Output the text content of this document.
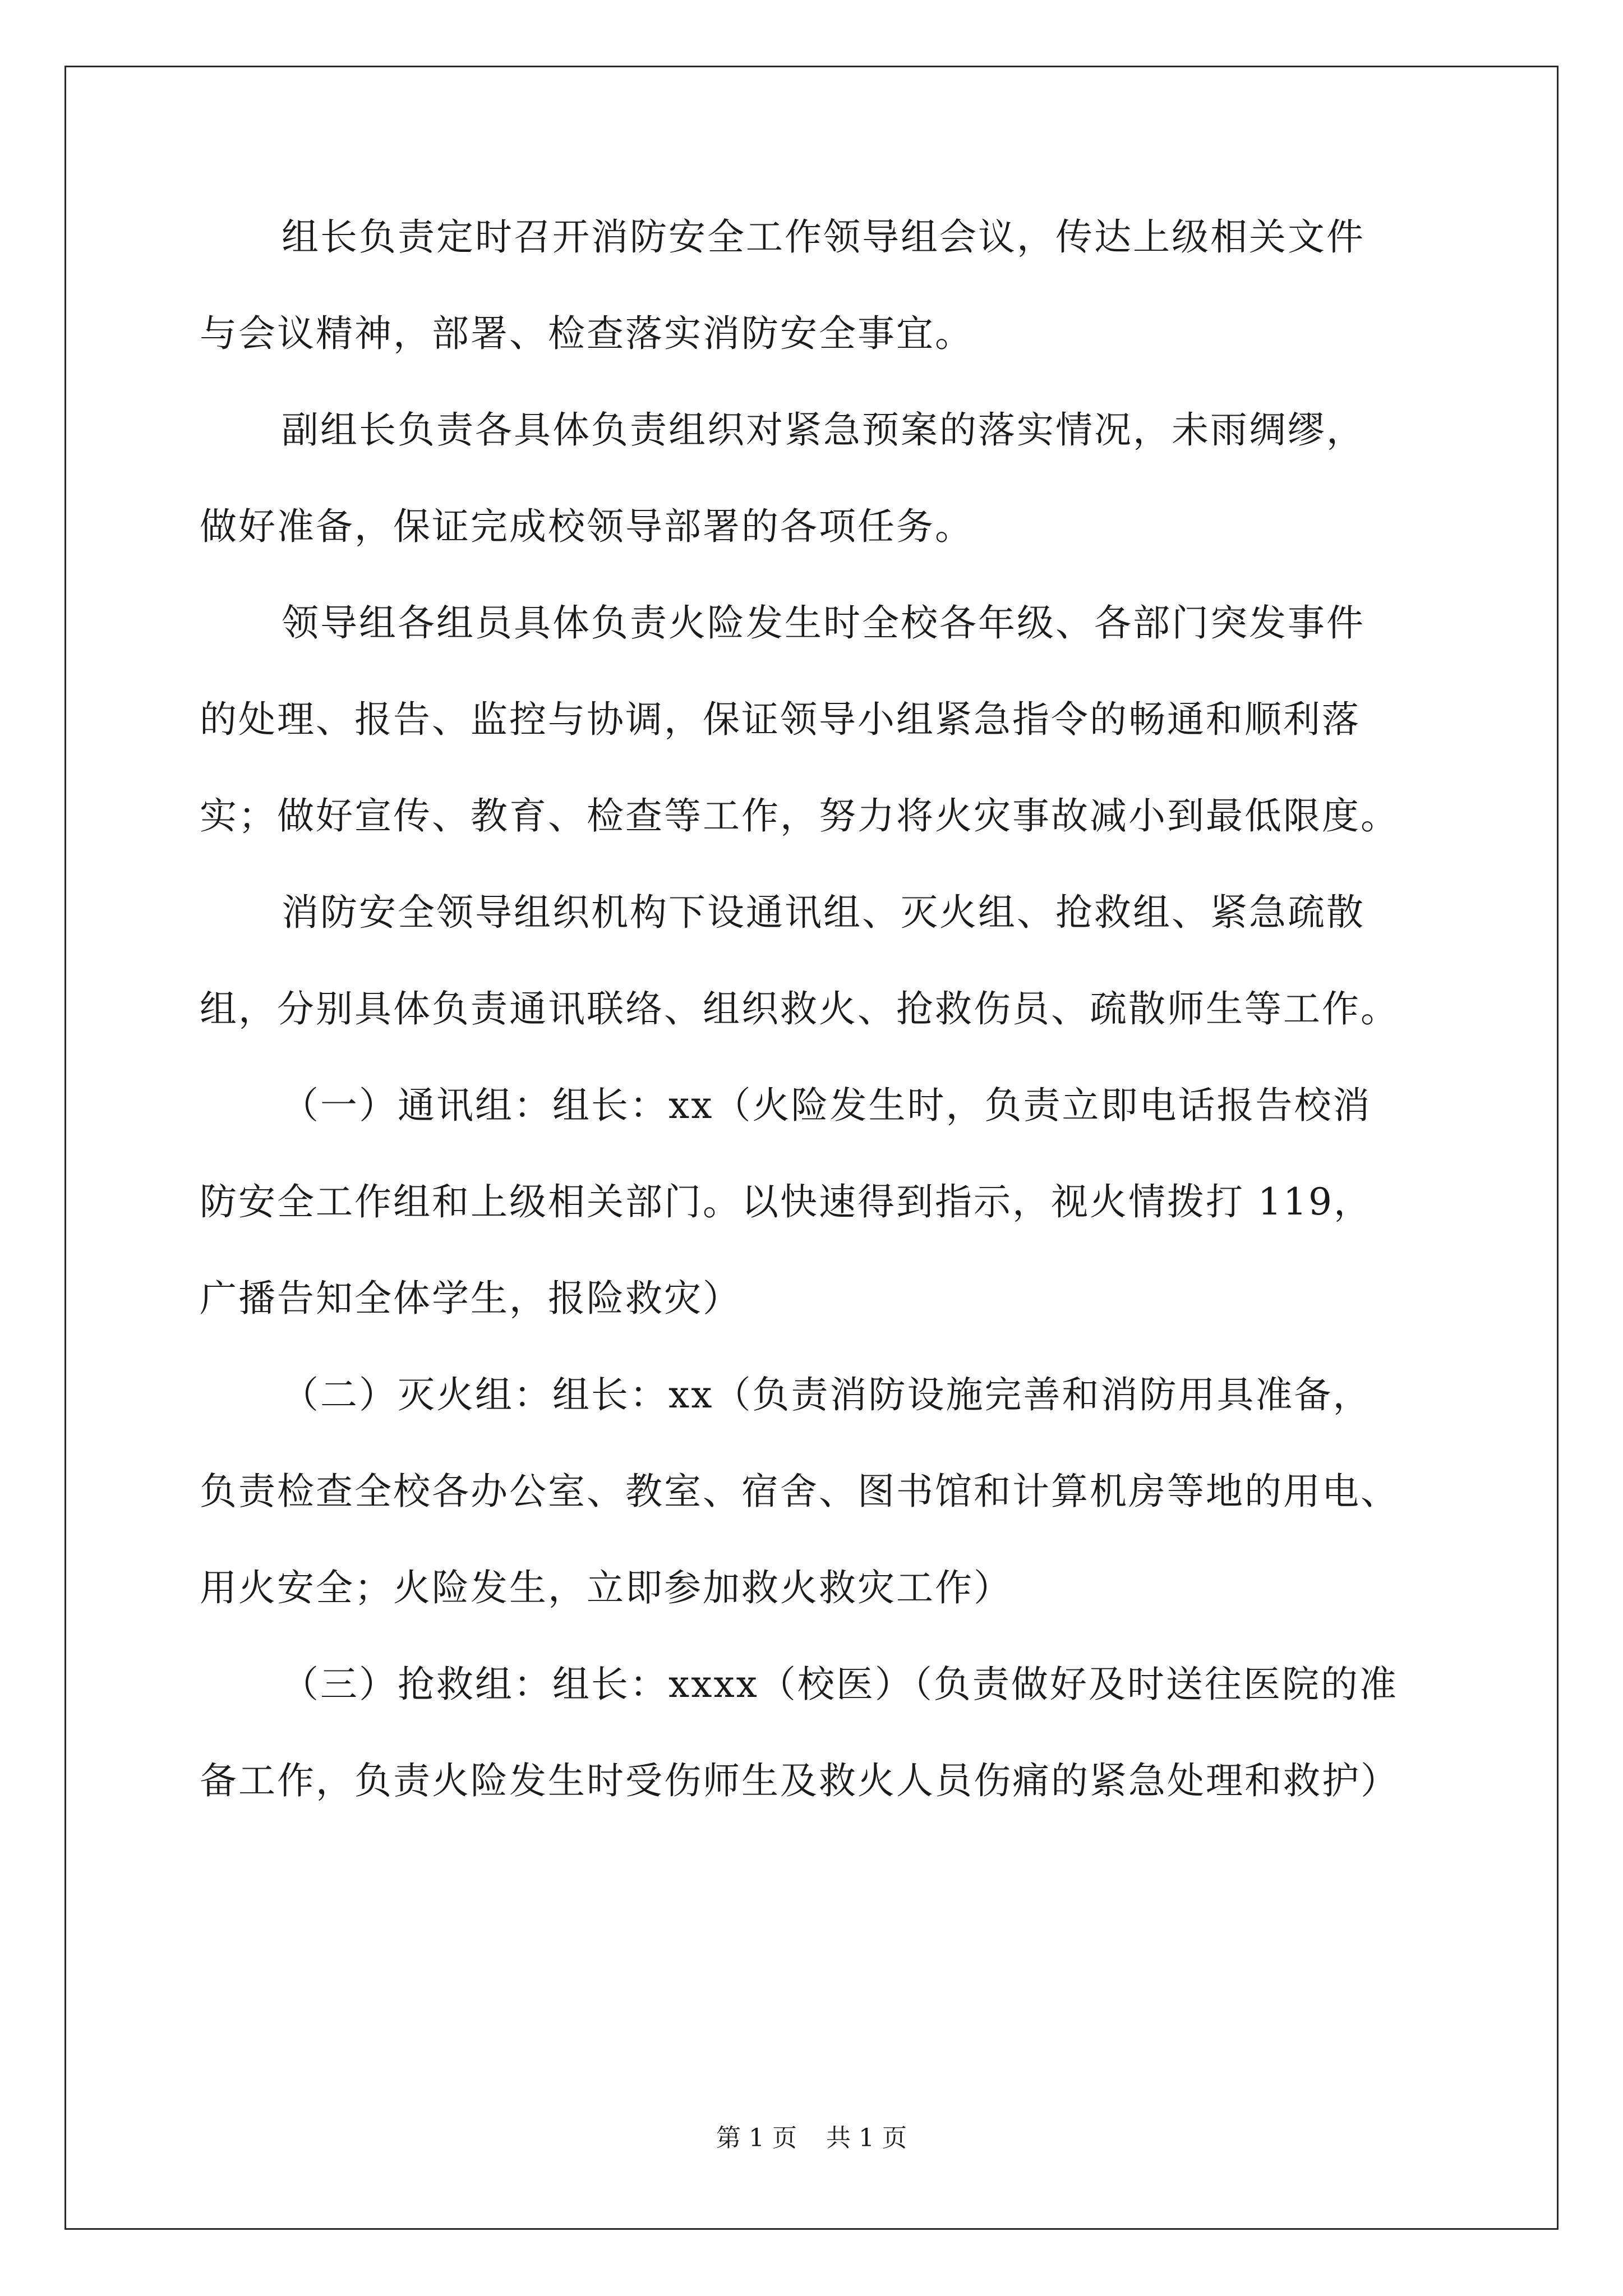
组长负责定时召开消防安全工作领导组会议，传达上级相关文件
与会议精神，部署、检查落实消防安全事宜。
副组长负责各具体负责组织对紧急预案的落实情况，未雨绸缪，
做好准备，保证完成校领导部署的各项任务。
领导组各组员具体负责火险发生时全校各年级、各部门突发事件
的处理、报告、监控与协调，保证领导小组紧急指令的畅通和顺利落
实；做好宣传、教育、检查等工作，努力将火灾事故减小到最低限度。
消防安全领导组织机构下设通讯组、灭火组、抢救组、紧急疏散
组，分别具体负责通讯联络、组织救火、抢救伤员、疏散师生等工作。
（一）通讯组：组长：xx（火险发生时，负责立即电话报告校消
防安全工作组和上级相关部门。以快速得到指示，视火情拨打 119，
广播告知全体学生，报险救灾）
（二）灭火组：组长：xx（负责消防设施完善和消防用具准备，
负责检查全校各办公室、教室、宿舍、图书馆和计算机房等地的用电、
用火安全；火险发生，立即参加救火救灾工作）
（三）抢救组：组长：xxxx（校医）（负责做好及时送往医院的准
备工作，负责火险发生时受伤师生及救火人员伤痛的紧急处理和救护）
第 1 页 共 1 页
